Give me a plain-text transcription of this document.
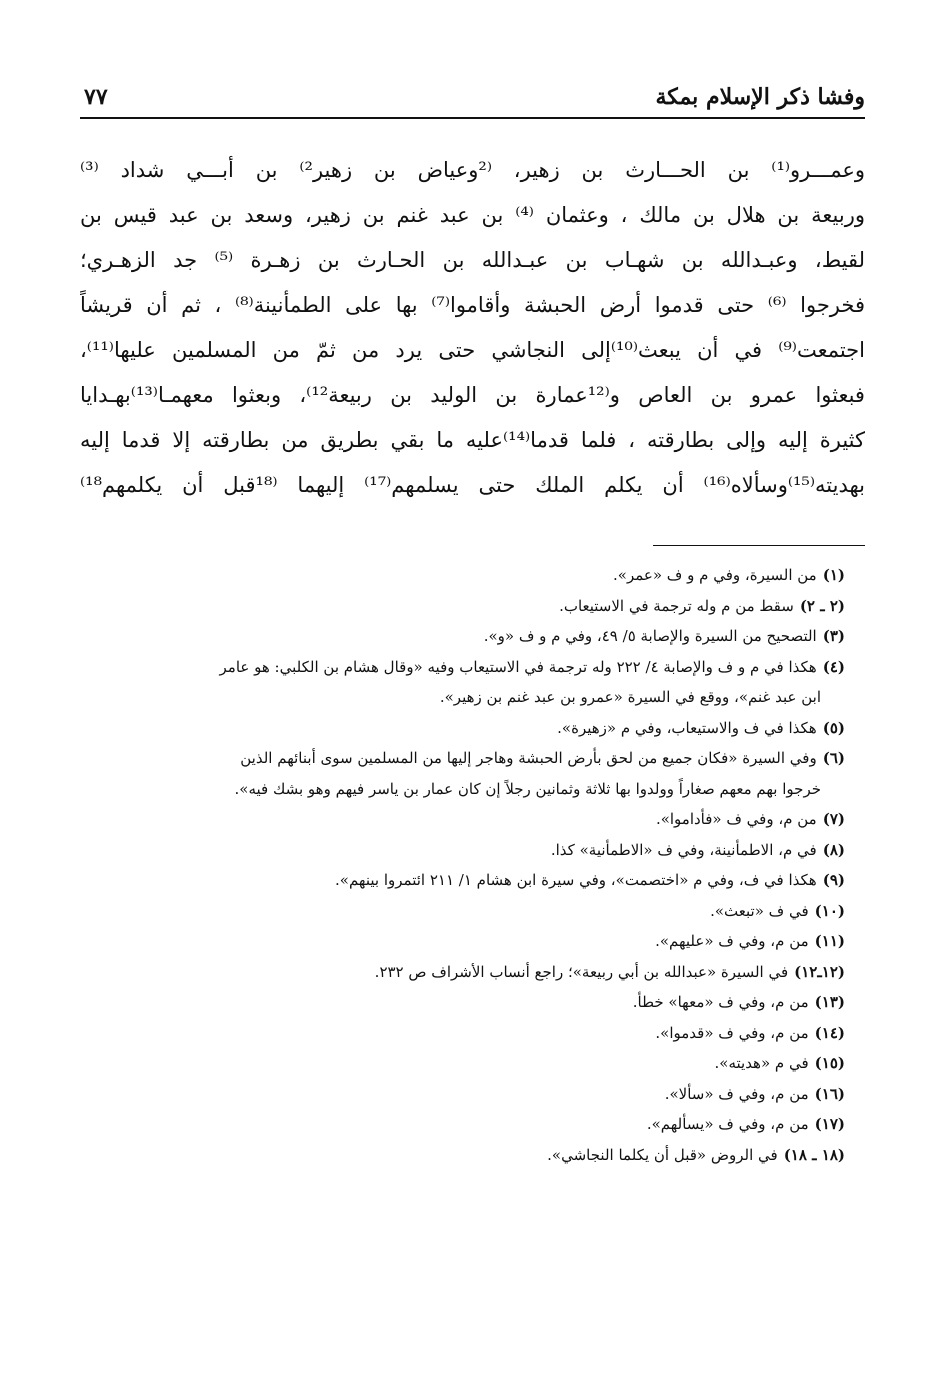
وفشا ذكر الإسلام بمكة
٧٧
وعمـــرو⁽¹⁾ بن الحـــارث بن زهير، ⁽²وعياض بن زهير²⁾ بن أبـــي شداد ⁽³⁾
وربيعة بن هلال بن مالك ، وعثمان ⁽⁴⁾ بن عبد غنم بن زهير، وسعد بن عبد قيس بن
لقيط، وعبـدالله بن شهـاب بن عبـدالله بن الحـارث بن زهـرة ⁽⁵⁾ جد الزهـري؛
فخرجوا ⁽⁶⁾ حتى قدموا أرض الحبشة وأقاموا⁽⁷⁾ بها على الطمأنينة⁽⁸⁾ ، ثم أن قريشاً
اجتمعت⁽⁹⁾ في أن يبعث⁽¹⁰⁾إلى النجاشي حتى يرد من ثمّ من المسلمين عليها⁽¹¹⁾،
فبعثوا عمرو بن العاص و⁽¹²عمارة بن الوليد بن ربيعة¹²⁾، وبعثوا معهمـا⁽¹³⁾بهـدايا
كثيرة إليه وإلى بطارقته ، فلما قدما⁽¹⁴⁾عليه ما بقي بطريق من بطارقته إلا قدما إليه
بهديته⁽¹⁵⁾وسألاه⁽¹⁶⁾ أن يكلم الملك حتى يسلمهم⁽¹⁷⁾ إليهما ⁽¹⁸قبل أن يكلمهم¹⁸⁾
(١)من السيرة، وفي م و ف «عمر».
(٢ ـ ٢)سقط من م وله ترجمة في الاستيعاب.
(٣)التصحيح من السيرة والإصابة ٥/ ٤٩، وفي م و ف «و».
(٤)هكذا في م و ف والإصابة ٤/ ٢٢٢ وله ترجمة في الاستيعاب وفيه «وقال هشام بن الكلبي: هو عامر
ابن عبد غنم»، ووقع في السيرة «عمرو بن عبد غنم بن زهير».
(٥)هكذا في ف والاستيعاب، وفي م «زهيرة».
(٦)وفي السيرة «فكان جميع من لحق بأرض الحبشة وهاجر إليها من المسلمين سوى أبنائهم الذين
خرجوا بهم معهم صغاراً وولدوا بها ثلاثة وثمانين رجلاً إن كان عمار بن ياسر فيهم وهو بشك فيه».
(٧)من م، وفي ف «فأداموا».
(٨)في م، الاطمأنينة، وفي ف «الاطمأنية» كذا.
(٩)هكذا في ف، وفي م «اختصمت»، وفي سيرة ابن هشام ١/ ٢١١ ائتمروا بينهم».
(١٠)في ف «تبعث».
(١١)من م، وفي ف «عليهم».
(١٢ـ١٢)في السيرة «عبدالله بن أبي ربيعة»؛ راجع أنساب الأشراف ص ٢٣٢.
(١٣)من م، وفي ف «معها» خطأ.
(١٤)من م، وفي ف «قدموا».
(١٥)في م «هديته».
(١٦)من م، وفي ف «سألا».
(١٧)من م، وفي ف «يسألهم».
(١٨ ـ ١٨)في الروض «قبل أن يكلما النجاشي».
